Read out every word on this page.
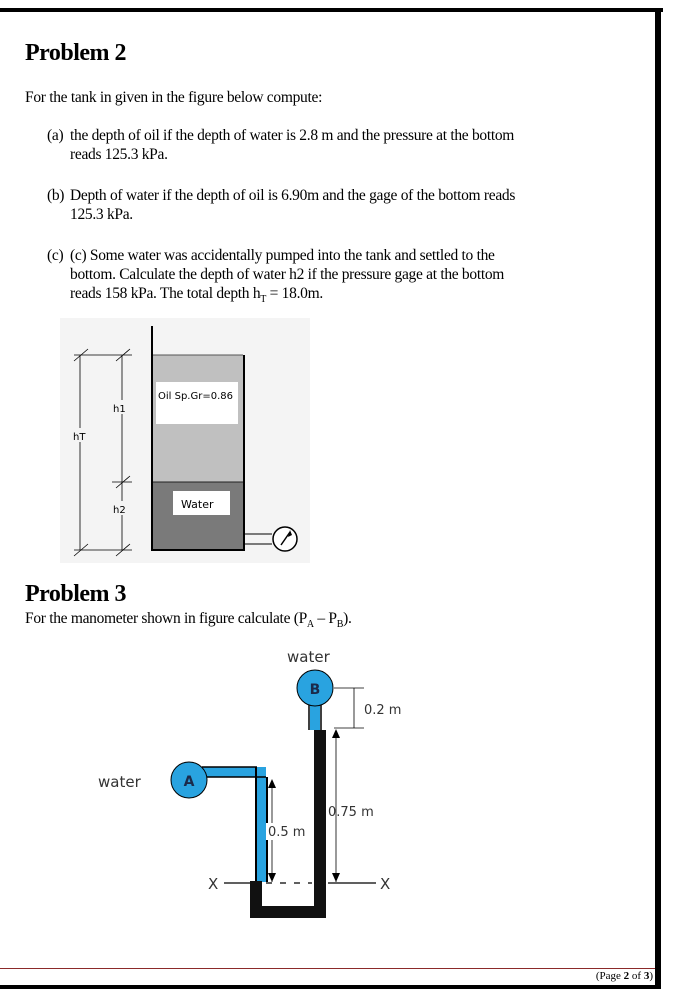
Problem 2

For the tank in given in the figure below compute:

(a) the depth of oil if the depth of water is 2.8 m and the pressure at the bottom
reads 125.3 kPa.
(b) Depth of water if the depth of oil is 6.90m and the gage of the bottom reads
125.3 kPa.
(c) (c) Some water was accidentally pumped into the tank and settled to the
bottom. Calculate the depth of water h2 if the pressure gage at the bottom
reads 158 kPa. The total depth $h_T = 18.0m$.
Oil Sp.Gr=0.86
Water
h1
hT
h2
Problem 3

For the manometer shown in figure calculate $(P_A - P_B)$.

A
B
water
water
0.2 m
0.75 m
0.5 m
X	X
(Page 2 of 3)
